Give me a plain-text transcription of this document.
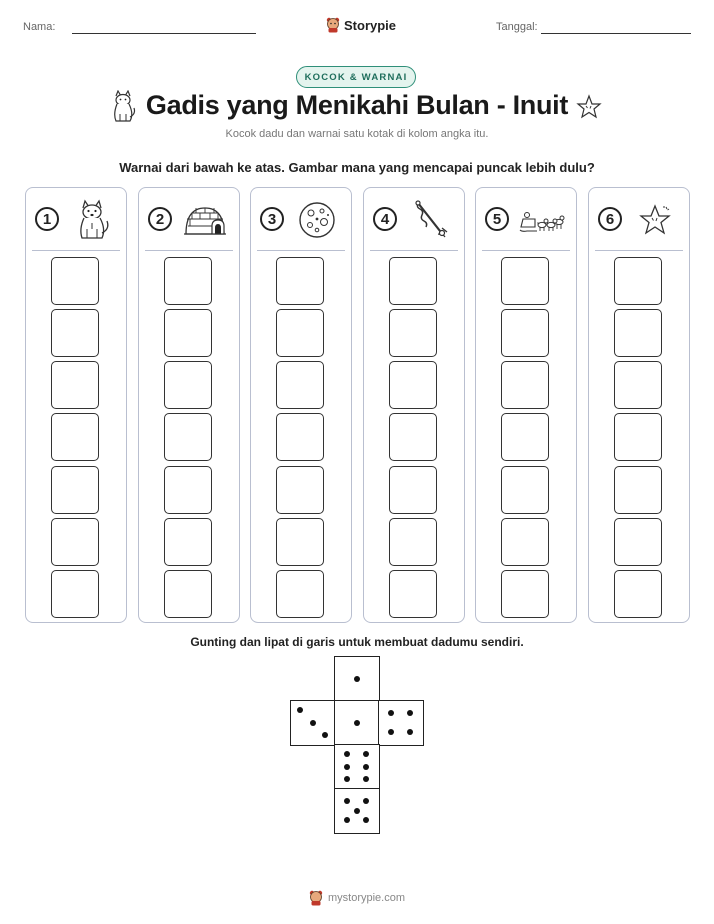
Nama:	Storypie	Tanggal:
KOCOK & WARNAI
Gadis yang Menikahi Bulan - Inuit
Kocok dadu dan warnai satu kotak di kolom angka itu.
Warnai dari bawah ke atas. Gambar mana yang mencapai puncak lebih dulu?
1	2	3	4	5	6
Gunting dan lipat di garis untuk membuat dadumu sendiri.
mystorypie.com
